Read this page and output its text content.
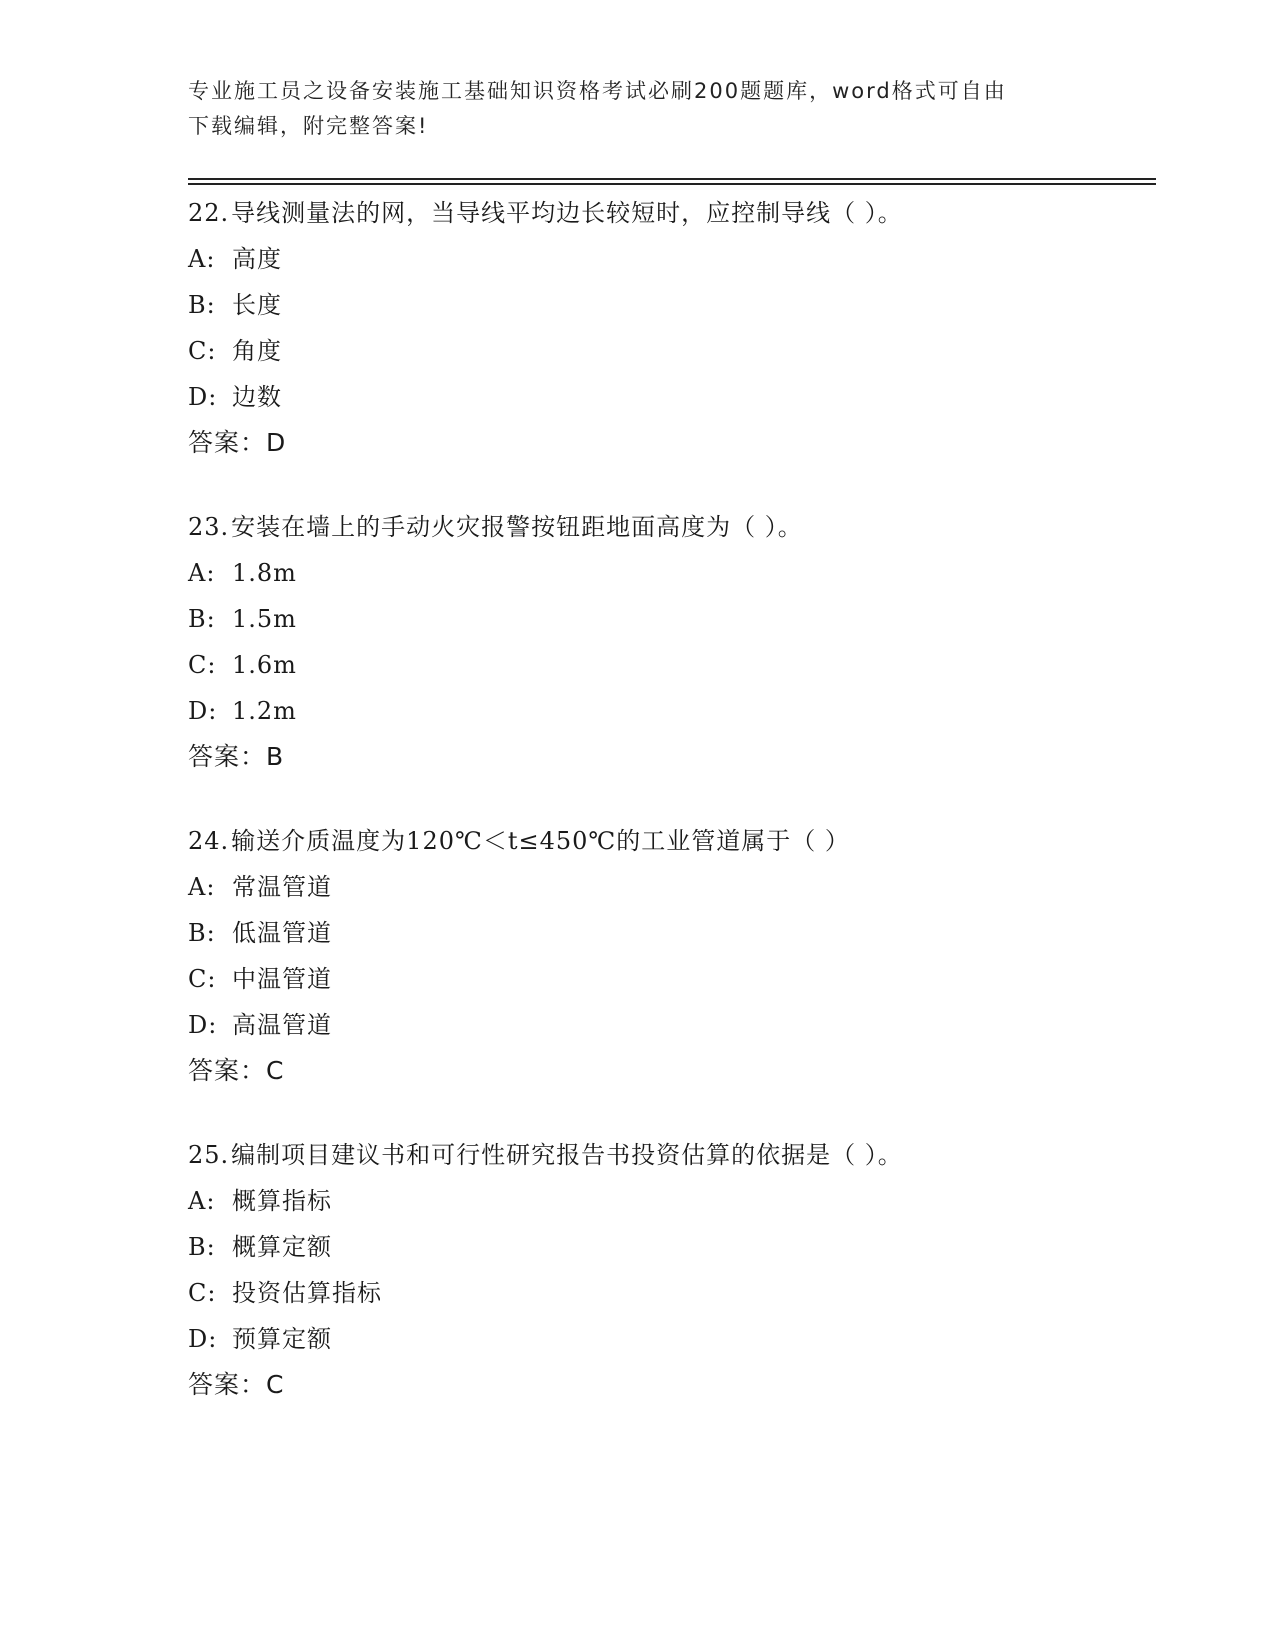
专业施工员之设备安装施工基础知识资格考试必刷200题题库，word格式可自由
下载编辑，附完整答案!
22.导线测量法的网，当导线平均边长较短时，应控制导线（ ）。
A: 高度
B: 长度
C: 角度
D: 边数
答案：D
23.安装在墙上的手动火灾报警按钮距地面高度为（ ）。
A: 1.8m
B: 1.5m
C: 1.6m
D: 1.2m
答案：B
24.输送介质温度为120℃＜t≤450℃的工业管道属于（ ）
A: 常温管道
B: 低温管道
C: 中温管道
D: 高温管道
答案：C
25.编制项目建议书和可行性研究报告书投资估算的依据是（ ）。
A: 概算指标
B: 概算定额
C: 投资估算指标
D: 预算定额
答案：C
